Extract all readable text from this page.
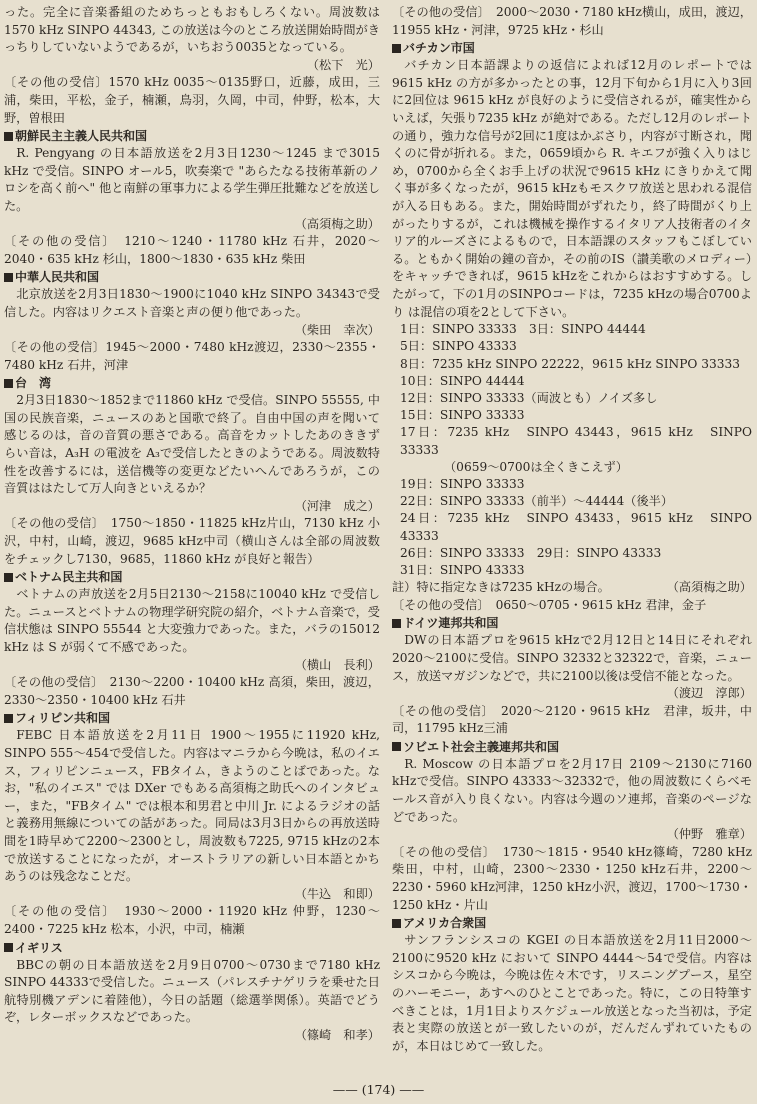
った。完全に音楽番組のためちっともおもしろくない。周波数は1570 kHz SINPO 44343, この放送は今のところ放送開始時間がきっちりしていないようであるが，いちおう0035となっている。

（松下　光）

〔その他の受信〕1570 kHz 0035～0135野口，近藤，成田，三浦，柴田，平松，金子，楠瀬，鳥羽，久岡，中司，仲野，松本，大野，曽根田

朝鮮民主主義人民共和国

R. Pengyang の日本語放送を2月3日1230～1245 まで3015 kHz で受信。SINPO オール5，吹奏楽で "あらたなる技術革新のノロシを高く前へ" 他と南鮮の軍事力による学生弾圧批難などを放送した。

（高須梅之助）

〔その他の受信〕　1210～1240・11780 kHz 石井，2020～2040・635 kHz 杉山，1800～1830・635 kHz 柴田

中華人民共和国

北京放送を2月3日1830～1900に1040 kHz SINPO 34343で受信した。内容はリクエスト音楽と声の便り他であった。

（柴田　幸次）

〔その他の受信〕1945～2000・7480 kHz渡辺，2330～2355・7480 kHz 石井，河津

台　湾

2月3日1830～1852まで11860 kHz で受信。SINPO 55555, 中国の民族音楽，ニュースのあと国歌で終了。自由中国の声を聞いて感じるのは，音の音質の悪さである。高音をカットしたあのききずらい音は，A₃H の電波を A₃で受信したときのようである。周波数特性を改善するには，送信機等の変更などたいへんであろうが，この音質ははたして万人向きといえるか？

（河津　成之）

〔その他の受信〕　1750～1850・11825 kHz片山，7130 kHz 小沢，中村，山崎，渡辺，9685 kHz中司（横山さんは全部の周波数をチェックし7130，9685，11860 kHz が良好と報告）

ベトナム民主共和国

ベトナムの声放送を2月5日2130～2158に10040 kHz で受信した。ニュースとベトナムの物理学研究院の紹介，ベトナム音楽で，受信状態は SINPO 55544 と大変強力であった。また，バラの15012 kHz は S が弱くて不感であった。

（横山　長利）

〔その他の受信〕　2130～2200・10400 kHz 高須，柴田，渡辺，2330～2350・10400 kHz 石井

フィリピン共和国

FEBC 日本語放送を2月11日 1900～1955に11920 kHz, SINPO 555～454で受信した。内容はマニラから今晩は，私のイエス，フィリピンニュース，FBタイム，きようのことばであった。なお，"私のイエス" では DXer でもある高須梅之助氏へのインタビュー，また，"FBタイム" では根本和男君と中川 Jr. によるラジオの話と義務用無線についての話があった。同局は3月3日からの再放送時間を1時早めて2200～2300とし，周波数も7225, 9715 kHzの2本で放送することになったが，オーストラリアの新しい日本語とかちあうのは残念なことだ。

（牛込　和即）

〔その他の受信〕　1930～2000・11920 kHz 仲野，1230～2400・7225 kHz 松本，小沢，中司，楠瀬

イギリス

BBCの朝の日本語放送を2月9日0700～0730まで7180 kHz SINPO 44333で受信した。ニュース（パレスチナゲリラを乗せた日航特別機アデンに着陸他），今日の話題（総選挙関係）。英語でどうぞ，レターボックスなどであった。

（篠崎　和孝）

〔その他の受信〕　2000～2030・7180 kHz横山，成田，渡辺，11955 kHz・河津，9725 kHz・杉山

バチカン市国

バチカン日本語課よりの返信によれば12月のレポートでは9615 kHz の方が多かったとの事，12月下旬から1月に入り3回に2回位は 9615 kHz が良好のように受信されるが，確実性からいえば，矢張り7235 kHz が絶対である。ただし12月のレポートの通り，強力な信号が2回に1度はかぶさり，内容が寸断され，聞くのに骨が折れる。また，0659頃から R. キエフが強く入りはじめ，0700から全くお手上げの状況で9615 kHz にきりかえて聞く事が多くなったが，9615 kHzもモスクワ放送と思われる混信が入る日もある。また，開始時間がずれたり，終了時間がくり上がったりするが，これは機械を操作するイタリア人技術者のイタリア的ルーズさによるもので，日本語課のスタッフもこぼしている。ともかく開始の鐘の音か，その前のIS（讃美歌のメロディー）をキャッチできれば，9615 kHzをこれからはおすすめする。したがって，下の1月のSINPOコードは，7235 kHzの場合0700より は混信の項を2として下さい。

1日：SINPO 33333　3日：SINPO 44444

5日：SINPO 43333

8日：7235 kHz SINPO 22222，9615 kHz SINPO 33333

10日：SINPO 44444

12日：SINPO 33333（両波とも）ノイズ多し

15日：SINPO 33333

17日：7235 kHz　SINPO 43443，9615 kHz　SINPO 33333

（0659～0700は全くきこえず）

19日：SINPO 33333

22日：SINPO 33333（前半）～44444（後半）

24日：7235 kHz　SINPO 43433，9615 kHz　SINPO 43333

26日：SINPO 33333　29日：SINPO 43333

31日：SINPO 43333

註）特に指定なきは7235 kHzの場合。	（高須梅之助）

〔その他の受信〕　0650～0705・9615 kHz 君津，金子

ドイツ連邦共和国

DWの日本語プロを9615 kHzで2月12日と14日にそれぞれ2020～2100に受信。SINPO 32332と32322で，音楽，ニュース，放送マガジンなどで，共に2100以後は受信不能となった。

（渡辺　淳郎）

〔その他の受信〕　2020～2120・9615 kHz　君津，坂井，中司，11795 kHz三浦

ソビエト社会主義連邦共和国

R. Moscow の日本語プロを2月17日 2109～2130に7160 kHzで受信。SINPO 43333～32332で，他の周波数にくらべモールス音が入り良くない。内容は今週のソ連邦，音楽のページなどであった。

（仲野　雅章）

〔その他の受信〕　1730～1815・9540 kHz篠崎，7280 kHz 柴田，中村，山崎，2300～2330・1250 kHz石井，2200～2230・5960 kHz河津，1250 kHz小沢，渡辺，1700～1730・1250 kHz・片山

アメリカ合衆国

サンフランシスコの KGEI の日本語放送を2月11日2000～2100に9520 kHz において SINPO 4444～54で受信。内容はシスコから今晩は，今晩は佐々木です，リスニングプース，星空のハーモニー，あすへのひとことであった。特に，この日特筆すべきことは，1月1日よりスケジュール放送となった当初は，予定表と実際の放送とが一致したいのが，だんだんずれていたものが，本日はじめて一致した。

—— (174) ——
